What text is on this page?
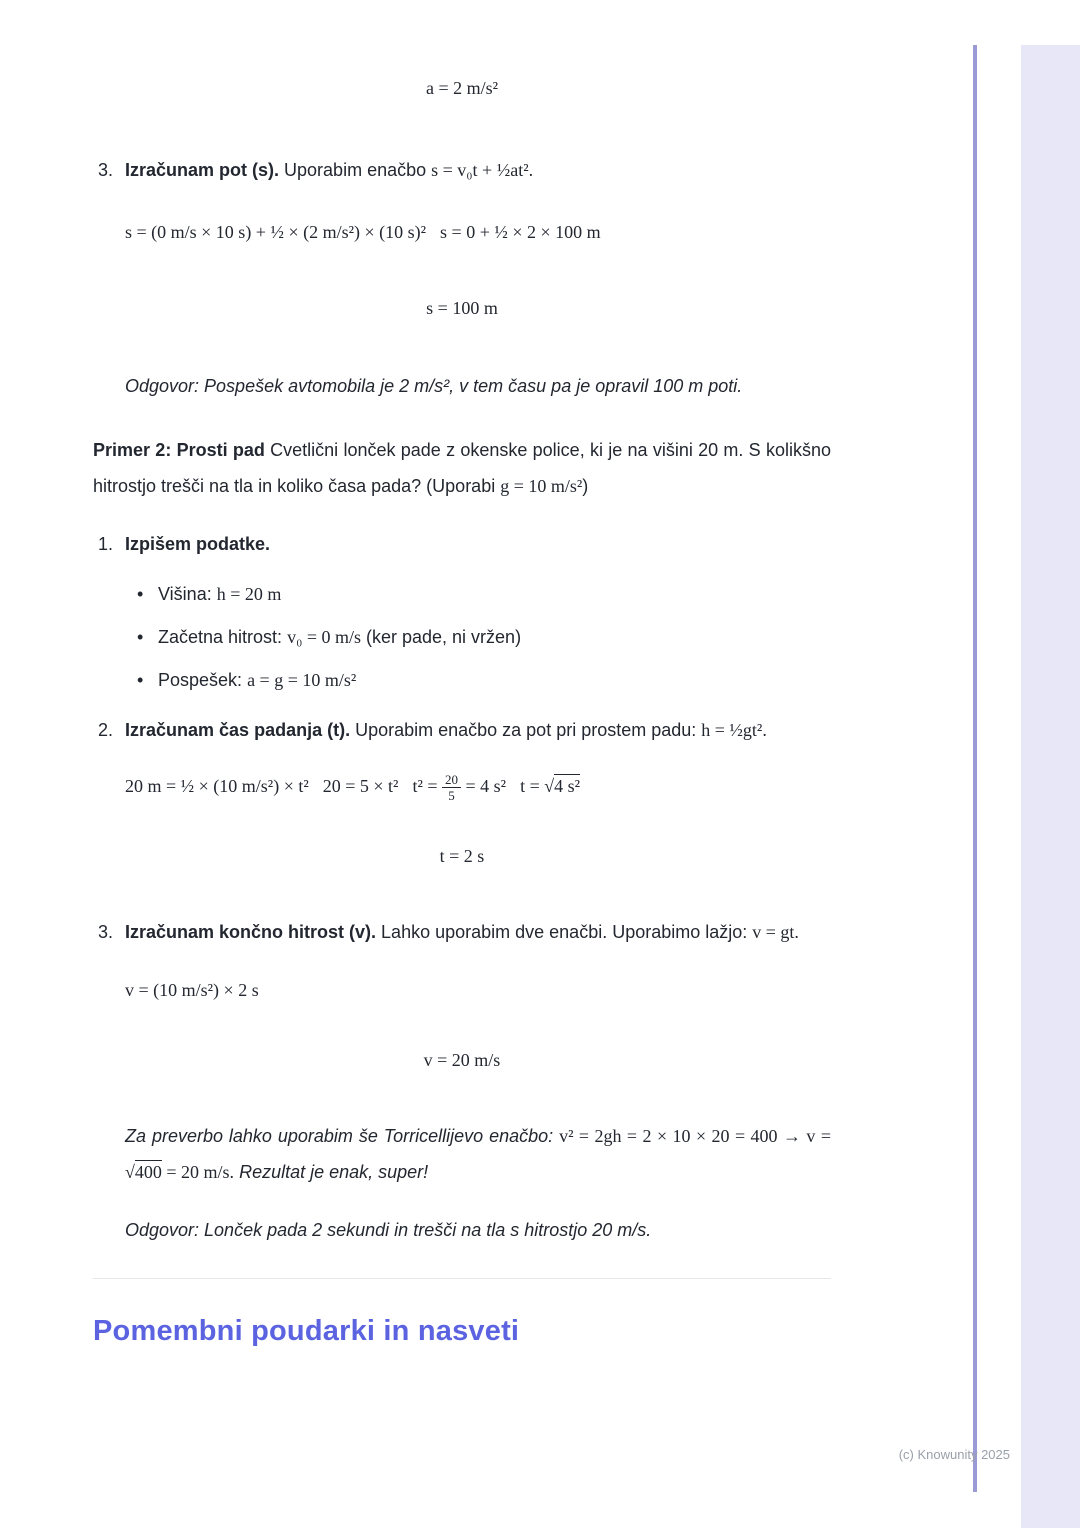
a = 2 m/s²
3. Izračunam pot (s). Uporabim enačbo s = v₀t + ½at².
s = (0 m/s × 10 s) + ½ × (2 m/s²) × (10 s)² s = 0 + ½ × 2 × 100 m
s = 100 m

Odgovor: Pospešek avtomobila je 2 m/s², v tem času pa je opravil 100 m poti.

Primer 2: Prosti pad Cvetlični lonček pade z okenske police, ki je na višini 20 m. S kolikšno hitrostjo trešči na tla in koliko časa pada? (Uporabi g = 10 m/s²)

1. Izpišem podatke.
• Višina: h = 20 m
• Začetna hitrost: v₀ = 0 m/s (ker pade, ni vržen)
• Pospešek: a = g = 10 m/s²
2. Izračunam čas padanja (t). Uporabim enačbo za pot pri prostem padu: h = ½gt².
20 m = ½ × (10 m/s²) × t² 20 = 5 × t² $t^2 = \frac{20}{5} = 4$ s² t = √4 s²
t = 2 s
3. Izračunam končno hitrost (v). Lahko uporabim dve enačbi. Uporabimo lažjo: v = gt.
v = (10 m/s²) × 2 s
v = 20 m/s

Za preverbo lahko uporabim še Torricellijevo enačbo: v² = 2gh = 2 × 10 × 20 = 400 → v = √400 = 20 m/s. Rezultat je enak, super!

Odgovor: Lonček pada 2 sekundi in trešči na tla s hitrostjo 20 m/s.

Pomembni poudarki in nasveti
(c) Knowunity 2025
